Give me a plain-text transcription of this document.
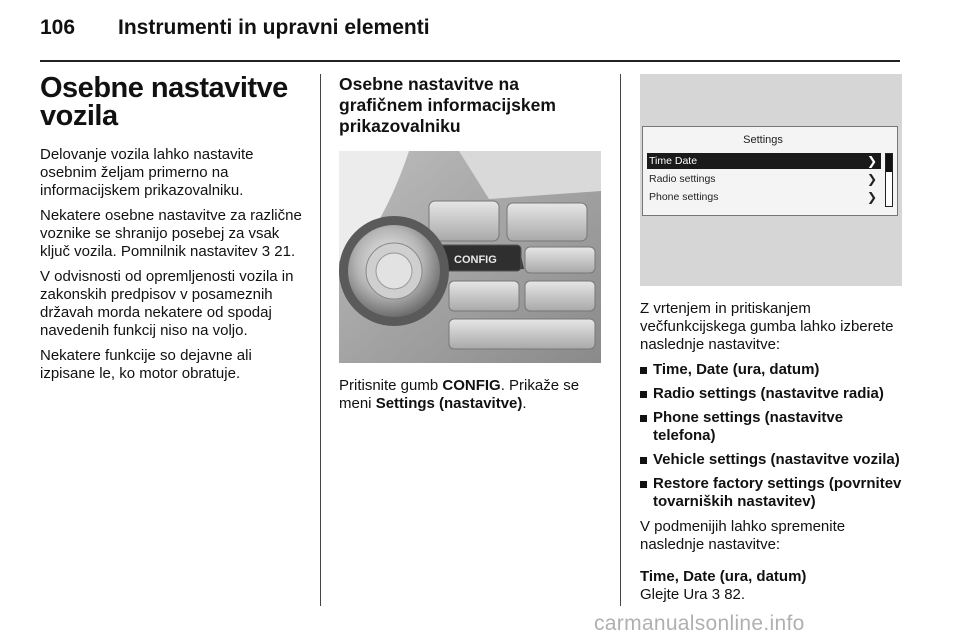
106 Instrumenti in upravni elementi
Osebne nastavitve vozila

Delovanje vozila lahko nastavite osebnim željam primerno na informacijskem prikazovalniku.

Nekatere osebne nastavitve za različne voznike se shranijo posebej za vsak ključ vozila. Pomnilnik nastavitev 3 21.

V odvisnosti od opremljenosti vozila in zakonskih predpisov v posameznih državah morda nekatere od spodaj navedenih funkcij niso na voljo.

Nekatere funkcije so dejavne ali izpisane le, ko motor obratuje.

Osebne nastavitve na grafičnem informacijskem prikazovalniku
CONFIG

Pritisnite gumb CONFIG. Prikaže se meni Settings (nastavitve).

Settings
Time Date	❯
Radio settings	❯
Phone settings	❯

Z vrtenjem in pritiskanjem večfunkcijskega gumba lahko izberete naslednje nastavitve:

Time, Date (ura, datum)
Radio settings (nastavitve radia)
Phone settings (nastavitve telefona)
Vehicle settings (nastavitve vozila)
Restore factory settings (povrnitev tovarniških nastavitev)

V podmenijih lahko spremenite naslednje nastavitve:

Time, Date (ura, datum)

Glejte Ura 3 82.

carmanualsonline.info
